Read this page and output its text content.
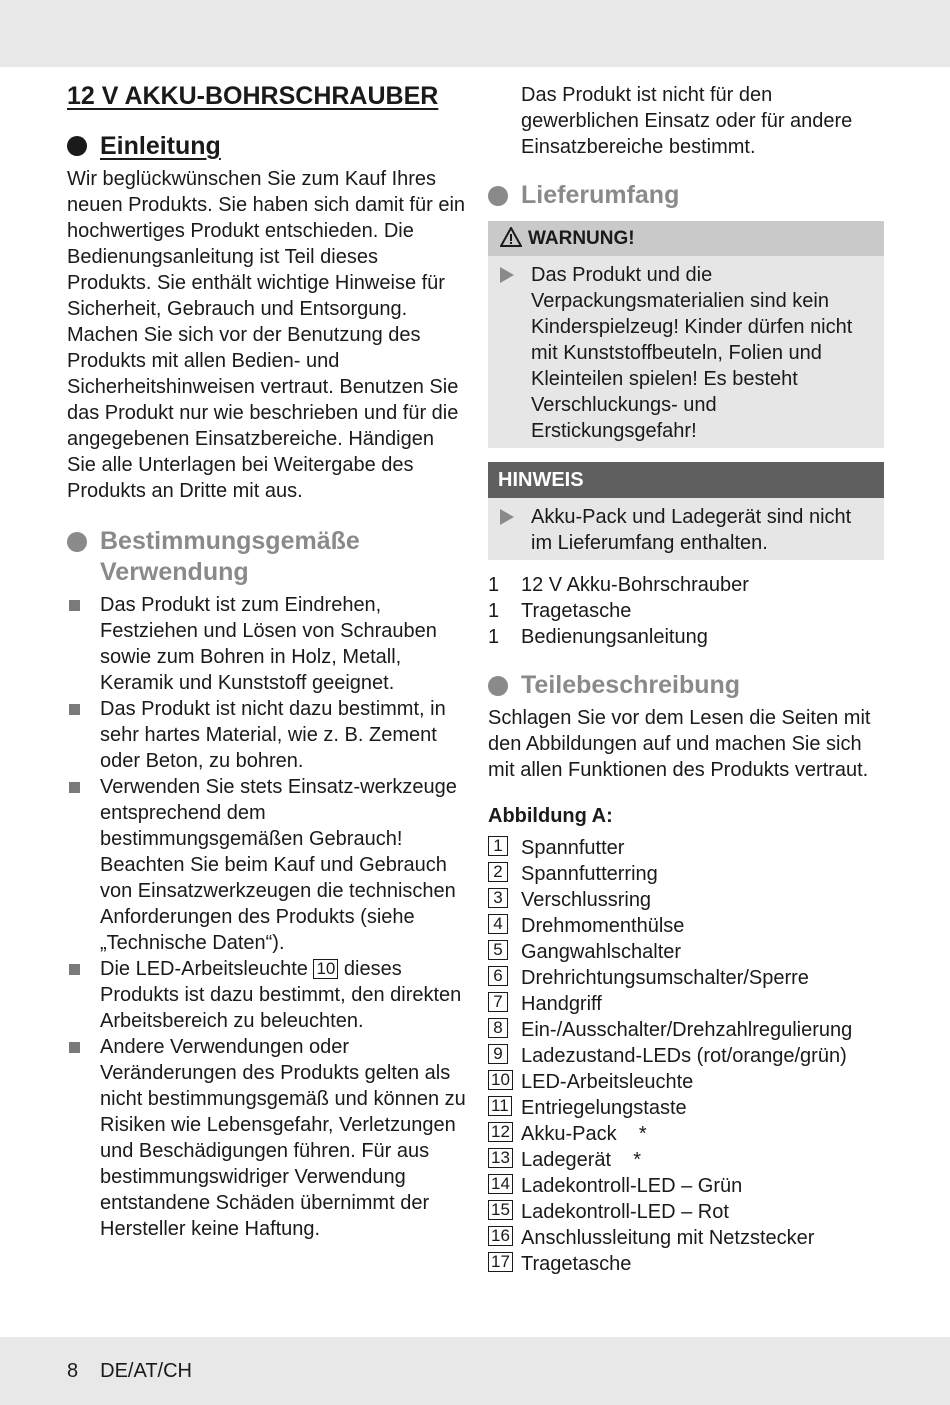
12 V AKKU-BOHRSCHRAUBER
Einleitung

Wir beglückwünschen Sie zum Kauf Ihres neuen Produkts. Sie haben sich damit für ein hochwertiges Produkt entschieden. Die Bedienungsanleitung ist Teil dieses Produkts. Sie enthält wichtige Hinweise für Sicherheit, Gebrauch und Entsorgung. Machen Sie sich vor der Benutzung des Produkts mit allen Bedien- und Sicherheitshinweisen vertraut. Benutzen Sie das Produkt nur wie beschrieben und für die angegebenen Einsatzbereiche. Händigen Sie alle Unterlagen bei Weitergabe des Produkts an Dritte mit aus.

Bestimmungsgemäße
Verwendung
Das Produkt ist zum Eindrehen, Festziehen und Lösen von Schrauben sowie zum Bohren in Holz, Metall, Keramik und Kunststoff geeignet.
Das Produkt ist nicht dazu bestimmt, in sehr hartes Material, wie z. B. Zement oder Beton, zu bohren.
Verwenden Sie stets Einsatz-werkzeuge entsprechend dem bestimmungsgemäßen Gebrauch! Beachten Sie beim Kauf und Gebrauch von Einsatzwerkzeugen die technischen Anforderungen des Produkts (siehe „Technische Daten“).
Die LED-Arbeitsleuchte 10 dieses Produkts ist dazu bestimmt, den direkten Arbeitsbereich zu beleuchten.
Andere Verwendungen oder Veränderungen des Produkts gelten als nicht bestimmungsgemäß und können zu Risiken wie Lebensgefahr, Verletzungen und Beschädigungen führen. Für aus bestimmungswidriger Verwendung entstandene Schäden übernimmt der Hersteller keine Haftung.

Das Produkt ist nicht für den gewerblichen Einsatz oder für andere Einsatzbereiche bestimmt.

Lieferumfang
WARNUNG!
Das Produkt und die Verpackungsmaterialien sind kein Kinderspielzeug! Kinder dürfen nicht mit Kunststoffbeuteln, Folien und Kleinteilen spielen! Es besteht Verschluckungs- und Erstickungsgefahr!
HINWEIS
Akku-Pack und Ladegerät sind nicht im Lieferumfang enthalten.
1 12 V Akku-Bohrschrauber
1 Tragetasche
1 Bedienungsanleitung
Teilebeschreibung

Schlagen Sie vor dem Lesen die Seiten mit den Abbildungen auf und machen Sie sich mit allen Funktionen des Produkts vertraut.

Abbildung A:
1 Spannfutter
2 Spannfutterring
3 Verschlussring
4 Drehmomenthülse
5 Gangwahlschalter
6 Drehrichtungsumschalter/Sperre
7 Handgriff
8 Ein-/Ausschalter/Drehzahlregulierung
9 Ladezustand-LEDs (rot/orange/grün)
10 LED-Arbeitsleuchte
11 Entriegelungstaste
12 Akku-Pack    *
13 Ladegerät    *
14 Ladekontroll-LED – Grün
15 Ladekontroll-LED – Rot
16 Anschlussleitung mit Netzstecker
17 Tragetasche
8 DE/AT/CH
